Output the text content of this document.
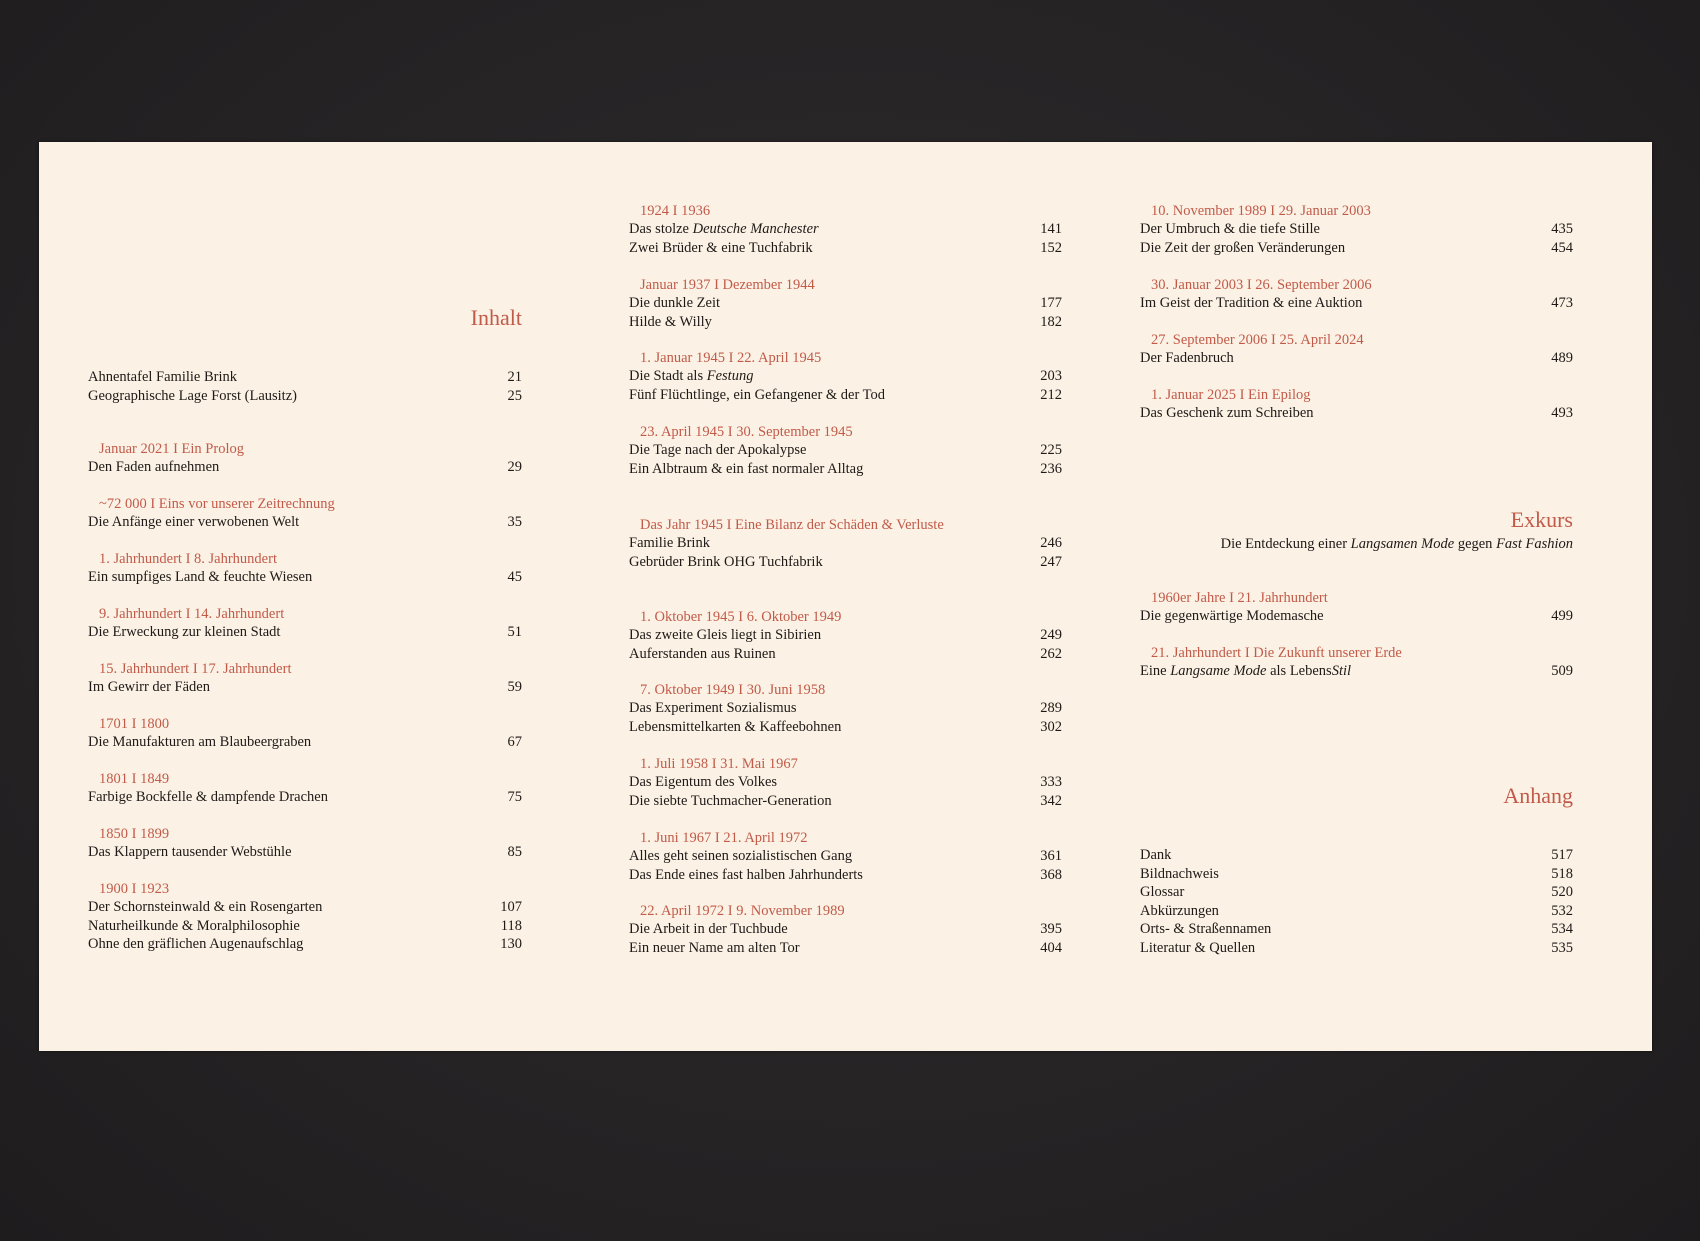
Inhalt
Ahnentafel Familie Brink	21
Geographische Lage Forst (Lausitz)	25
Januar 2021 I Ein Prolog
Den Faden aufnehmen	29
~72 000 I Eins vor unserer Zeitrechnung
Die Anfänge einer verwobenen Welt	35
1. Jahrhundert I 8. Jahrhundert
Ein sumpfiges Land & feuchte Wiesen	45
9. Jahrhundert I 14. Jahrhundert
Die Erweckung zur kleinen Stadt	51
15. Jahrhundert I 17. Jahrhundert
Im Gewirr der Fäden	59
1701 I 1800
Die Manufakturen am Blaubeergraben	67
1801 I 1849
Farbige Bockfelle & dampfende Drachen	75
1850 I 1899
Das Klappern tausender Webstühle	85
1900 I 1923
Der Schornsteinwald & ein Rosengarten	107
Naturheilkunde & Moralphilosophie	118
Ohne den gräflichen Augenaufschlag	130
1924 I 1936
Das stolze Deutsche Manchester	141
Zwei Brüder & eine Tuchfabrik	152
Januar 1937 I Dezember 1944
Die dunkle Zeit	177
Hilde & Willy	182
1. Januar 1945 I 22. April 1945
Die Stadt als Festung	203
Fünf Flüchtlinge, ein Gefangener & der Tod	212
23. April 1945 I 30. September 1945
Die Tage nach der Apokalypse	225
Ein Albtraum & ein fast normaler Alltag	236
Das Jahr 1945 I Eine Bilanz der Schäden & Verluste
Familie Brink	246
Gebrüder Brink OHG Tuchfabrik	247
1. Oktober 1945 I 6. Oktober 1949
Das zweite Gleis liegt in Sibirien	249
Auferstanden aus Ruinen	262
7. Oktober 1949 I 30. Juni 1958
Das Experiment Sozialismus	289
Lebensmittelkarten & Kaffeebohnen	302
1. Juli 1958 I 31. Mai 1967
Das Eigentum des Volkes	333
Die siebte Tuchmacher-Generation	342
1. Juni 1967 I 21. April 1972
Alles geht seinen sozialistischen Gang	361
Das Ende eines fast halben Jahrhunderts	368
22. April 1972 I 9. November 1989
Die Arbeit in der Tuchbude	395
Ein neuer Name am alten Tor	404
10. November 1989 I 29. Januar 2003
Der Umbruch & die tiefe Stille	435
Die Zeit der großen Veränderungen	454
30. Januar 2003 I 26. September 2006
Im Geist der Tradition & eine Auktion	473
27. September 2006 I 25. April 2024
Der Fadenbruch	489
1. Januar 2025 I Ein Epilog
Das Geschenk zum Schreiben	493
Exkurs
Die Entdeckung einer Langsamen Mode gegen Fast Fashion
1960er Jahre I 21. Jahrhundert
Die gegenwärtige Modemasche	499
21. Jahrhundert I Die Zukunft unserer Erde
Eine Langsame Mode als LebensStil	509
Anhang
Dank	517
Bildnachweis	518
Glossar	520
Abkürzungen	532
Orts- & Straßennamen	534
Literatur & Quellen	535
